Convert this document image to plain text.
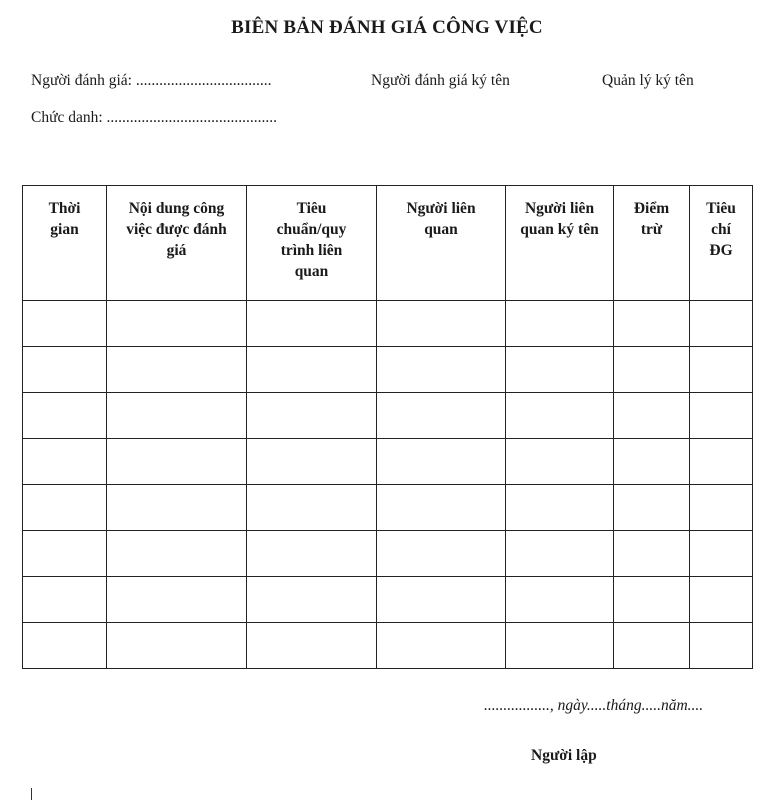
BIÊN BẢN ĐÁNH GIÁ CÔNG VIỆC
Người đánh giá: ...................................	Người đánh giá ký tên	Quản lý ký tên
Chức danh: ............................................
Thời gian	Nội dung công việc được đánh giá	Tiêu chuẩn/quy trình liên quan	Người liên quan	Người liên quan ký tên	Điểm trừ	Tiêu chí ĐG

................., ngày.....tháng.....năm....
Người lập
